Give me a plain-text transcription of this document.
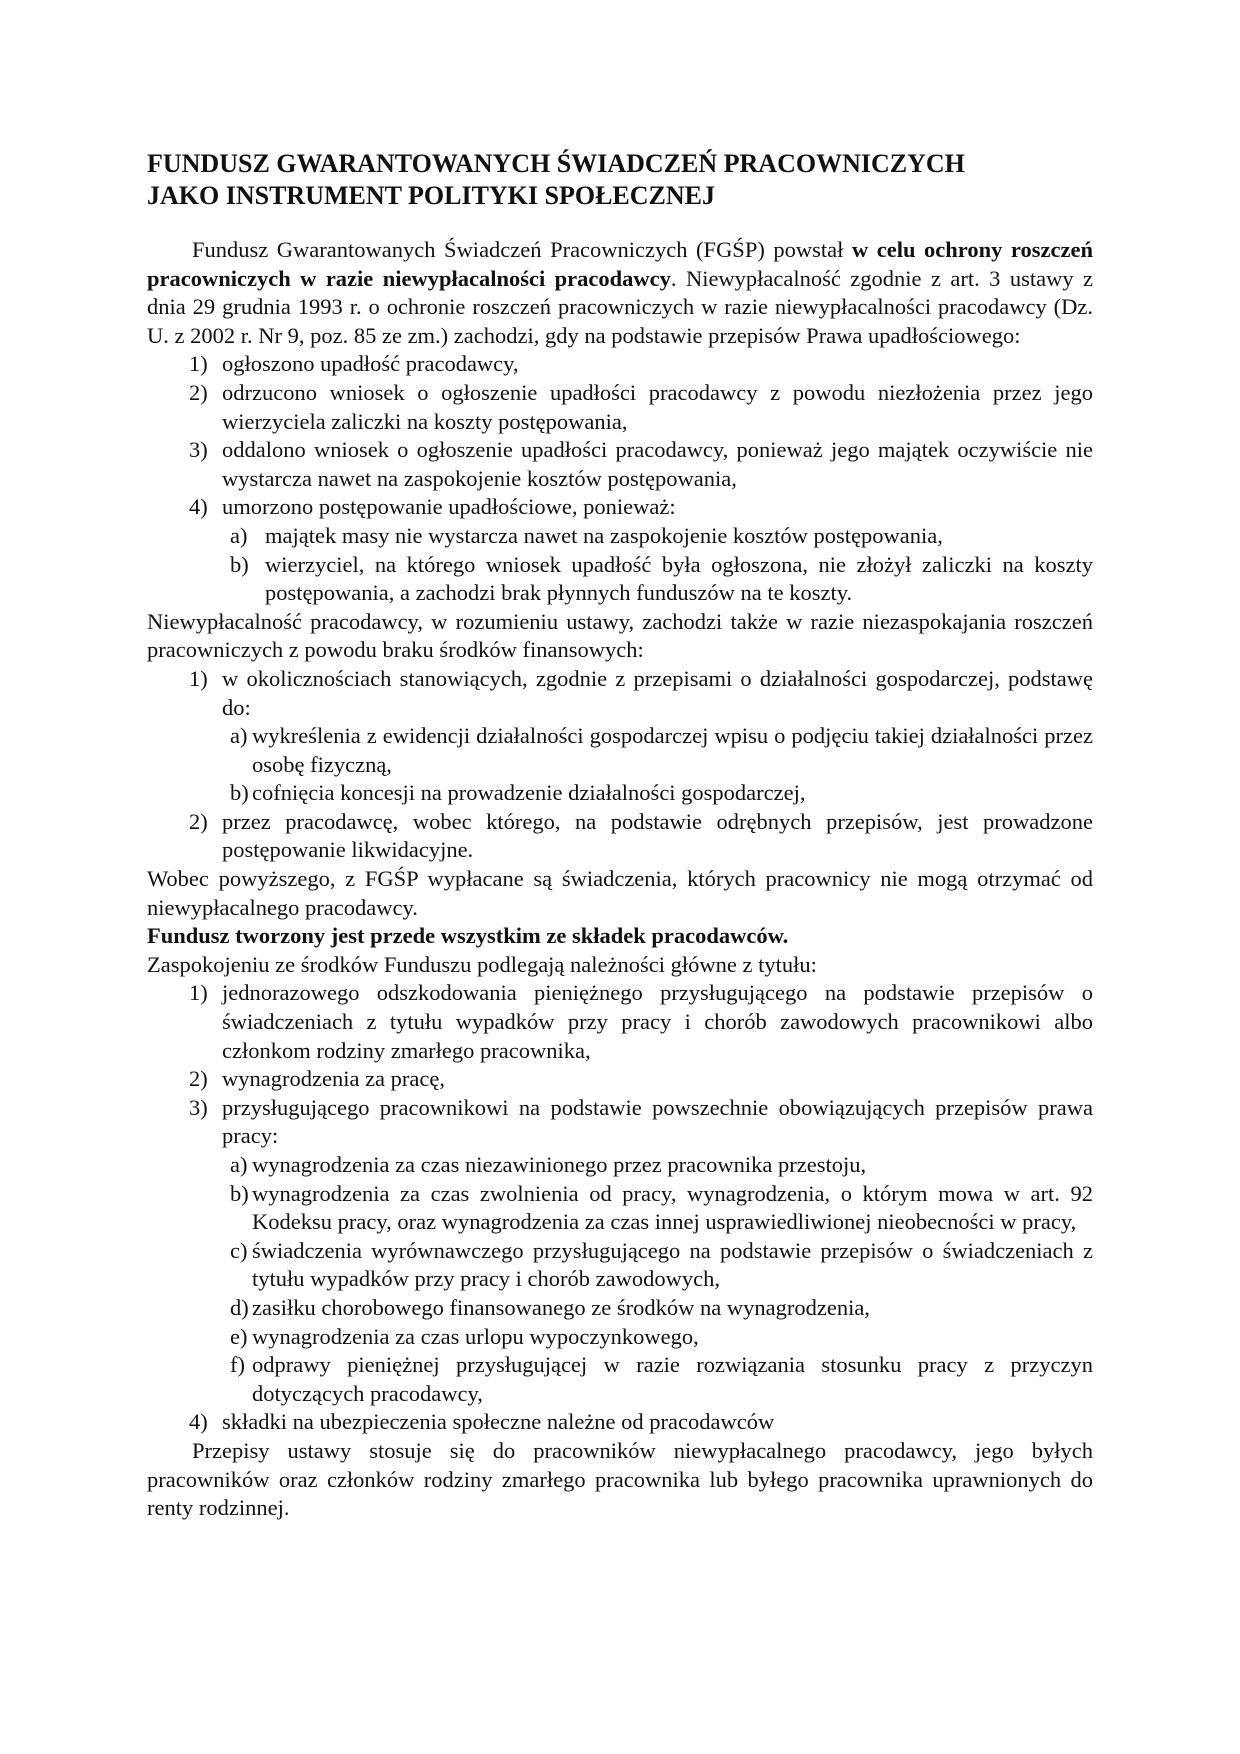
FUNDUSZ GWARANTOWANYCH ŚWIADCZEŃ PRACOWNICZYCH
JAKO INSTRUMENT POLITYKI SPOŁECZNEJ

Fundusz Gwarantowanych Świadczeń Pracowniczych (FGŚP) powstał w celu ochrony roszczeń pracowniczych w razie niewypłacalności pracodawcy. Niewypłacalność zgodnie z art. 3 ustawy z dnia 29 grudnia 1993 r. o ochronie roszczeń pracowniczych w razie niewypłacalności pracodawcy (Dz. U. z 2002 r. Nr 9, poz. 85 ze zm.) zachodzi, gdy na podstawie przepisów Prawa upadłościowego:

1) ogłoszono upadłość pracodawcy,
2) odrzucono wniosek o ogłoszenie upadłości pracodawcy z powodu niezłożenia przez jego wierzyciela zaliczki na koszty postępowania,
3) oddalono wniosek o ogłoszenie upadłości pracodawcy, ponieważ jego majątek oczywiście nie wystarcza nawet na zaspokojenie kosztów postępowania,
4) umorzono postępowanie upadłościowe, ponieważ:
a) majątek masy nie wystarcza nawet na zaspokojenie kosztów postępowania,
b) wierzyciel, na którego wniosek upadłość była ogłoszona, nie złożył zaliczki na koszty postępowania, a zachodzi brak płynnych funduszów na te koszty.

Niewypłacalność pracodawcy, w rozumieniu ustawy, zachodzi także w razie niezaspokajania roszczeń pracowniczych z powodu braku środków finansowych:

1) w okolicznościach stanowiących, zgodnie z przepisami o działalności gospodarczej, podstawę do:
a) wykreślenia z ewidencji działalności gospodarczej wpisu o podjęciu takiej działalności przez osobę fizyczną,
b) cofnięcia koncesji na prowadzenie działalności gospodarczej,
2) przez pracodawcę, wobec którego, na podstawie odrębnych przepisów, jest prowadzone postępowanie likwidacyjne.

Wobec powyższego, z FGŚP wypłacane są świadczenia, których pracownicy nie mogą otrzymać od niewypłacalnego pracodawcy.

Fundusz tworzony jest przede wszystkim ze składek pracodawców.

Zaspokojeniu ze środków Funduszu podlegają należności główne z tytułu:

1) jednorazowego odszkodowania pieniężnego przysługującego na podstawie przepisów o świadczeniach z tytułu wypadków przy pracy i chorób zawodowych pracownikowi albo członkom rodziny zmarłego pracownika,
2) wynagrodzenia za pracę,
3) przysługującego pracownikowi na podstawie powszechnie obowiązujących przepisów prawa pracy:
a) wynagrodzenia za czas niezawinionego przez pracownika przestoju,
b) wynagrodzenia za czas zwolnienia od pracy, wynagrodzenia, o którym mowa w art. 92 Kodeksu pracy, oraz wynagrodzenia za czas innej usprawiedliwionej nieobecności w pracy,
c) świadczenia wyrównawczego przysługującego na podstawie przepisów o świadczeniach z tytułu wypadków przy pracy i chorób zawodowych,
d) zasiłku chorobowego finansowanego ze środków na wynagrodzenia,
e) wynagrodzenia za czas urlopu wypoczynkowego,
f) odprawy pieniężnej przysługującej w razie rozwiązania stosunku pracy z przyczyn dotyczących pracodawcy,
4) składki na ubezpieczenia społeczne należne od pracodawców

Przepisy ustawy stosuje się do pracowników niewypłacalnego pracodawcy, jego byłych pracowników oraz członków rodziny zmarłego pracownika lub byłego pracownika uprawnionych do renty rodzinnej.
